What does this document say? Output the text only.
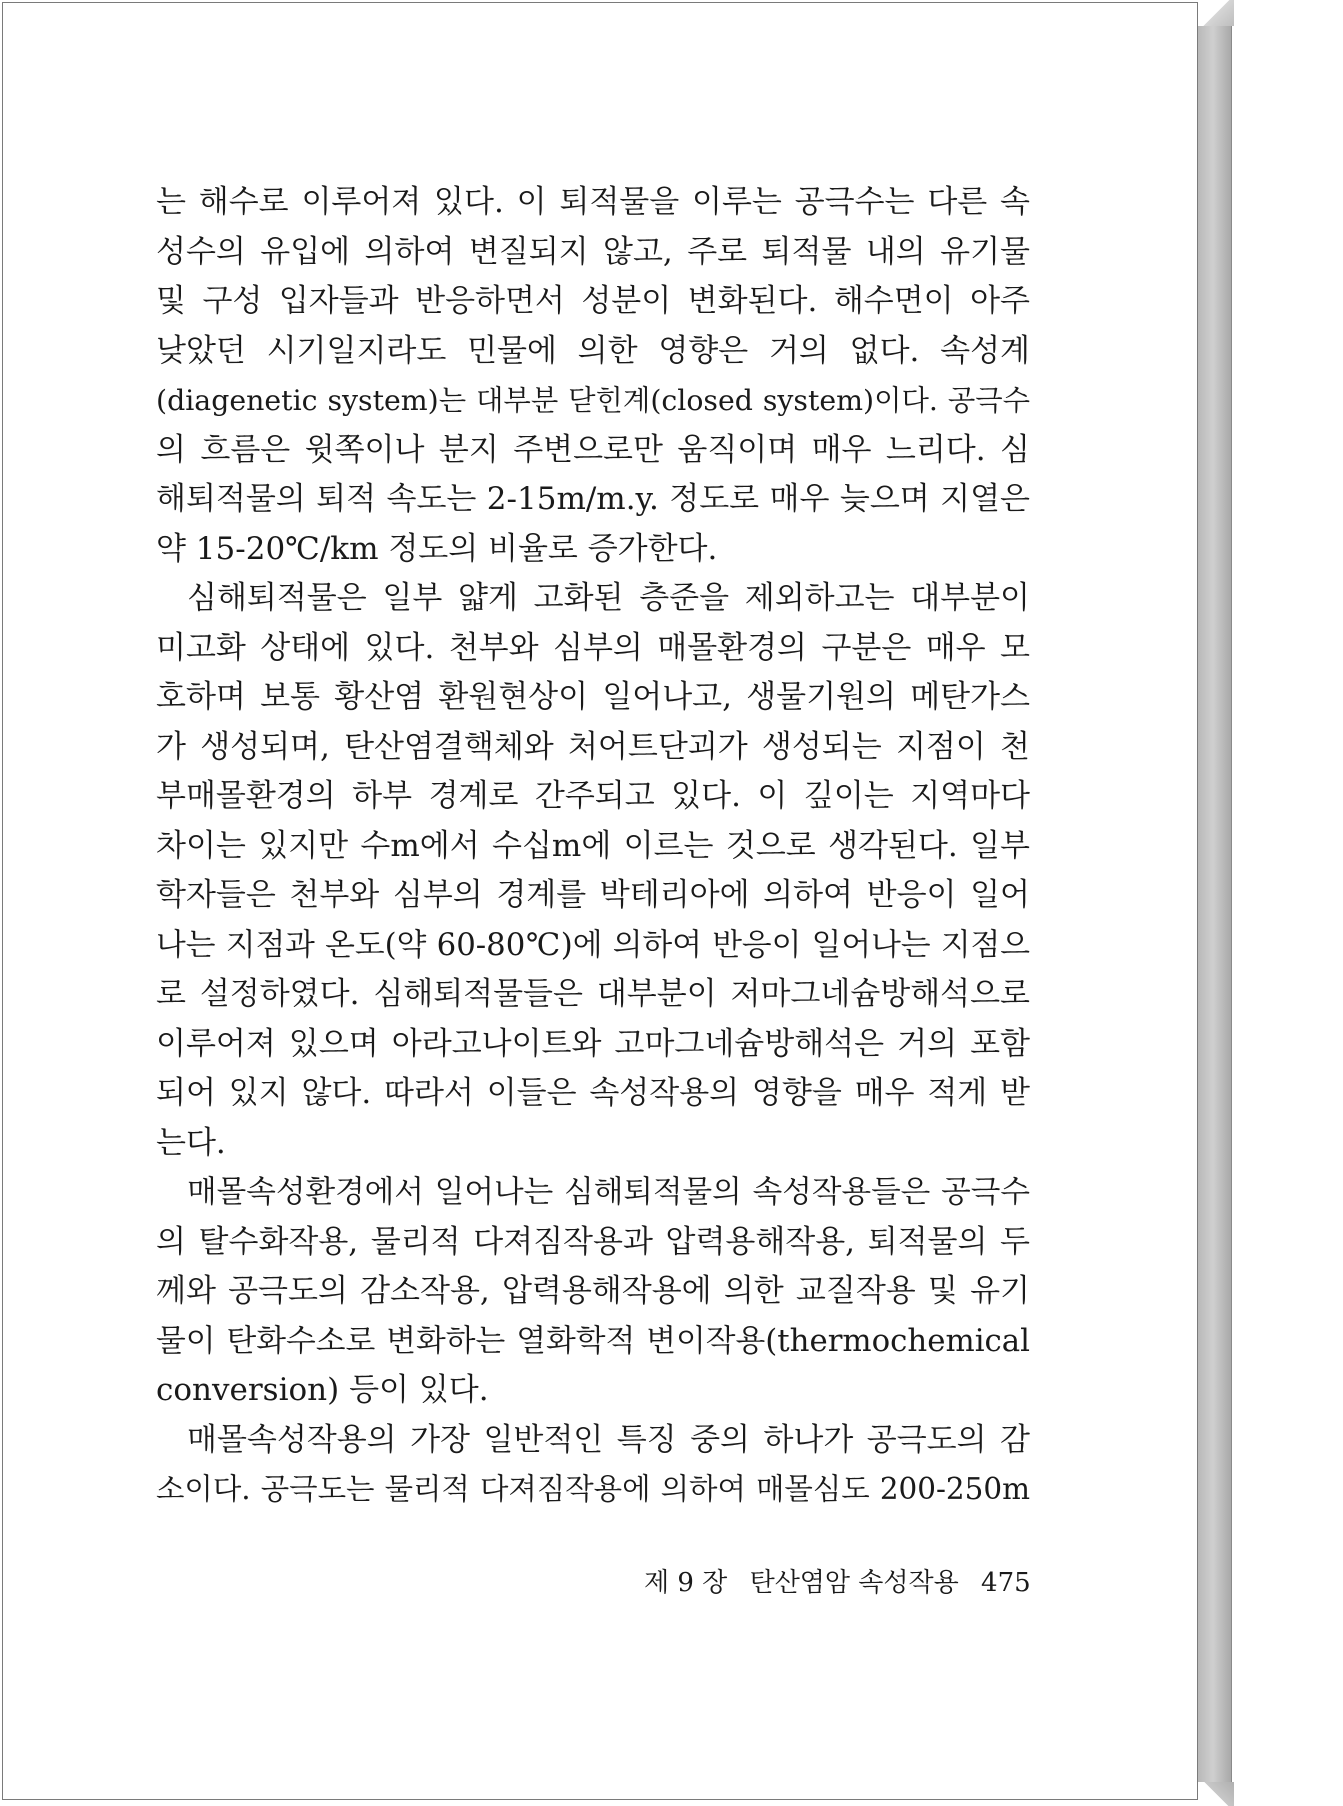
는 해수로 이루어져 있다. 이 퇴적물을 이루는 공극수는 다른 속
성수의 유입에 의하여 변질되지 않고, 주로 퇴적물 내의 유기물
및 구성 입자들과 반응하면서 성분이 변화된다. 해수면이 아주
낮았던 시기일지라도 민물에 의한 영향은 거의 없다. 속성계
(diagenetic system)는 대부분 닫힌계(closed system)이다. 공극수
의 흐름은 윗쪽이나 분지 주변으로만 움직이며 매우 느리다. 심
해퇴적물의 퇴적 속도는 2-15m/m.y. 정도로 매우 늦으며 지열은
약 15-20℃/km 정도의 비율로 증가한다.
심해퇴적물은 일부 얇게 고화된 층준을 제외하고는 대부분이
미고화 상태에 있다. 천부와 심부의 매몰환경의 구분은 매우 모
호하며 보통 황산염 환원현상이 일어나고, 생물기원의 메탄가스
가 생성되며, 탄산염결핵체와 처어트단괴가 생성되는 지점이 천
부매몰환경의 하부 경계로 간주되고 있다. 이 깊이는 지역마다
차이는 있지만 수m에서 수십m에 이르는 것으로 생각된다. 일부
학자들은 천부와 심부의 경계를 박테리아에 의하여 반응이 일어
나는 지점과 온도(약 60-80℃)에 의하여 반응이 일어나는 지점으
로 설정하였다. 심해퇴적물들은 대부분이 저마그네슘방해석으로
이루어져 있으며 아라고나이트와 고마그네슘방해석은 거의 포함
되어 있지 않다. 따라서 이들은 속성작용의 영향을 매우 적게 받
는다.
매몰속성환경에서 일어나는 심해퇴적물의 속성작용들은 공극수
의 탈수화작용, 물리적 다져짐작용과 압력용해작용, 퇴적물의 두
께와 공극도의 감소작용, 압력용해작용에 의한 교질작용 및 유기
물이 탄화수소로 변화하는 열화학적 변이작용(thermochemical
conversion) 등이 있다.
매몰속성작용의 가장 일반적인 특징 중의 하나가 공극도의 감
소이다. 공극도는 물리적 다져짐작용에 의하여 매몰심도 200-250m
제 9 장 탄산염암 속성작용 475
